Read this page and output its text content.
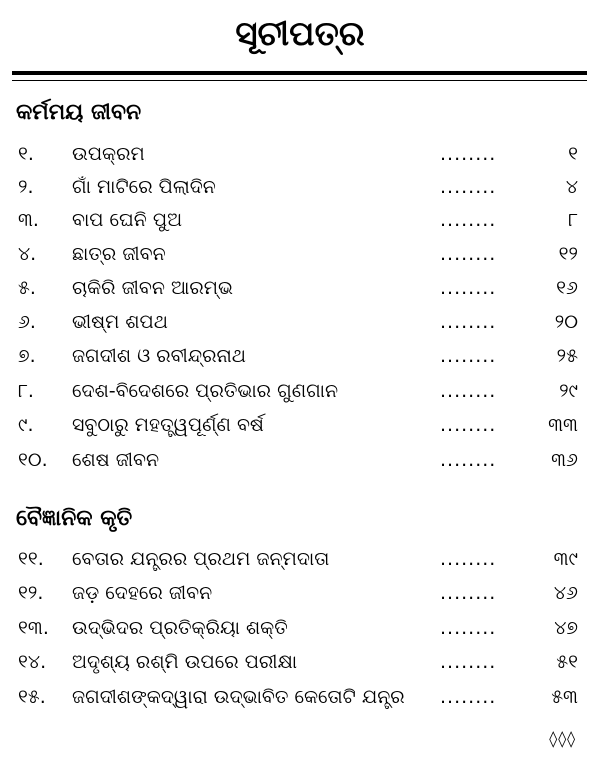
ସୂଚୀପତ୍ର
କର୍ମମୟ ଜୀବନ
୧. ଉପକ୍ରମ	........	୧
୨. ଗାଁ ମାଟିରେ ପିଲାଦିନ	........	୪
୩. ବାପ ଘେନି ପୁଅ	........	୮
୪. ଛାତ୍ର ଜୀବନ	........	୧୨
୫. ଚାକିରି ଜୀବନ ଆରମ୍ଭ	........	୧୬
୬. ଭୀଷ୍ମ ଶପଥ	........	୨୦
୭. ଜଗଦୀଶ ଓ ରବୀନ୍ଦ୍ରନାଥ	........	୨୫
୮. ଦେଶ-ବିଦେଶରେ ପ୍ରତିଭାର ଗୁଣଗାନ	........	୨୯
୯. ସବୁଠାରୁ ମହତ୍ତ୍ୱପୂର୍ଣ୍ଣ ବର୍ଷ	........	୩୩
୧୦. ଶେଷ ଜୀବନ	........	୩୬
ବୈଜ୍ଞାନିକ କୃତି
୧୧. ବେତାର ଯନ୍ତ୍ରର ପ୍ରଥମ ଜନ୍ମଦାତା	........	୩୯
୧୨. ଜଡ଼ ଦେହରେ ଜୀବନ	........	୪୬
୧୩. ଉଦ୍ଭିଦର ପ୍ରତିକ୍ରିୟା ଶକ୍ତି	........	୪୭
୧୪. ଅଦୃଶ୍ୟ ରଶ୍ମି ଉପରେ ପରୀକ୍ଷା	........	୫୧
୧୫. ଜଗଦୀଶଙ୍କଦ୍ୱାରା ଉଦ୍ଭାବିତ କେତୋଟି ଯନ୍ତ୍ର ........	୫୩
◊◊◊
